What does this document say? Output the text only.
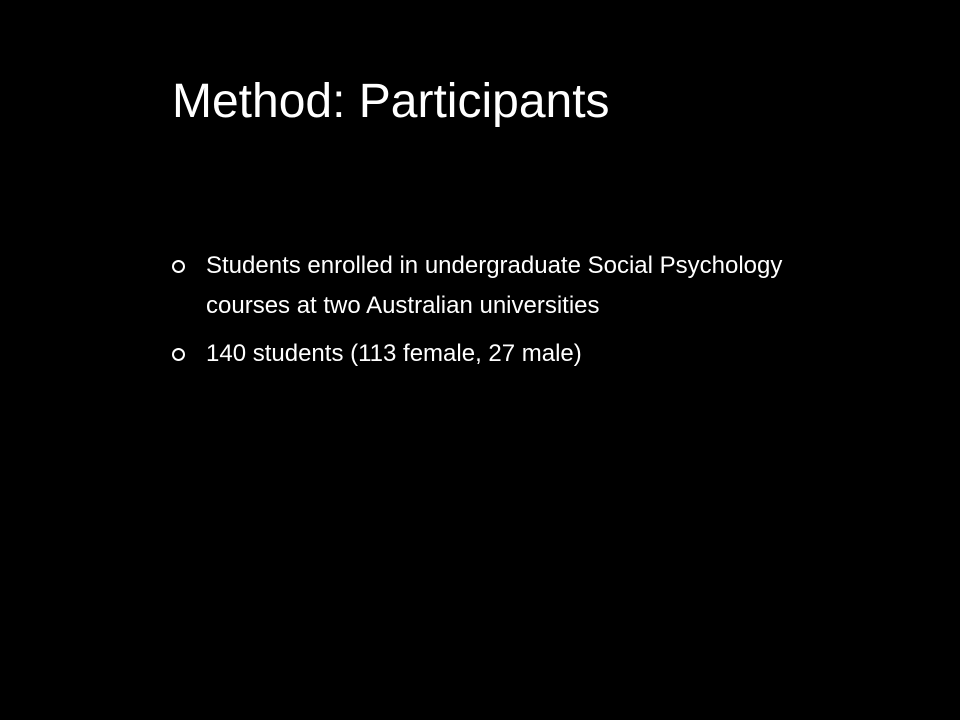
Method: Participants
Students enrolled in undergraduate Social Psychology courses at two Australian universities
140 students (113 female, 27 male)
